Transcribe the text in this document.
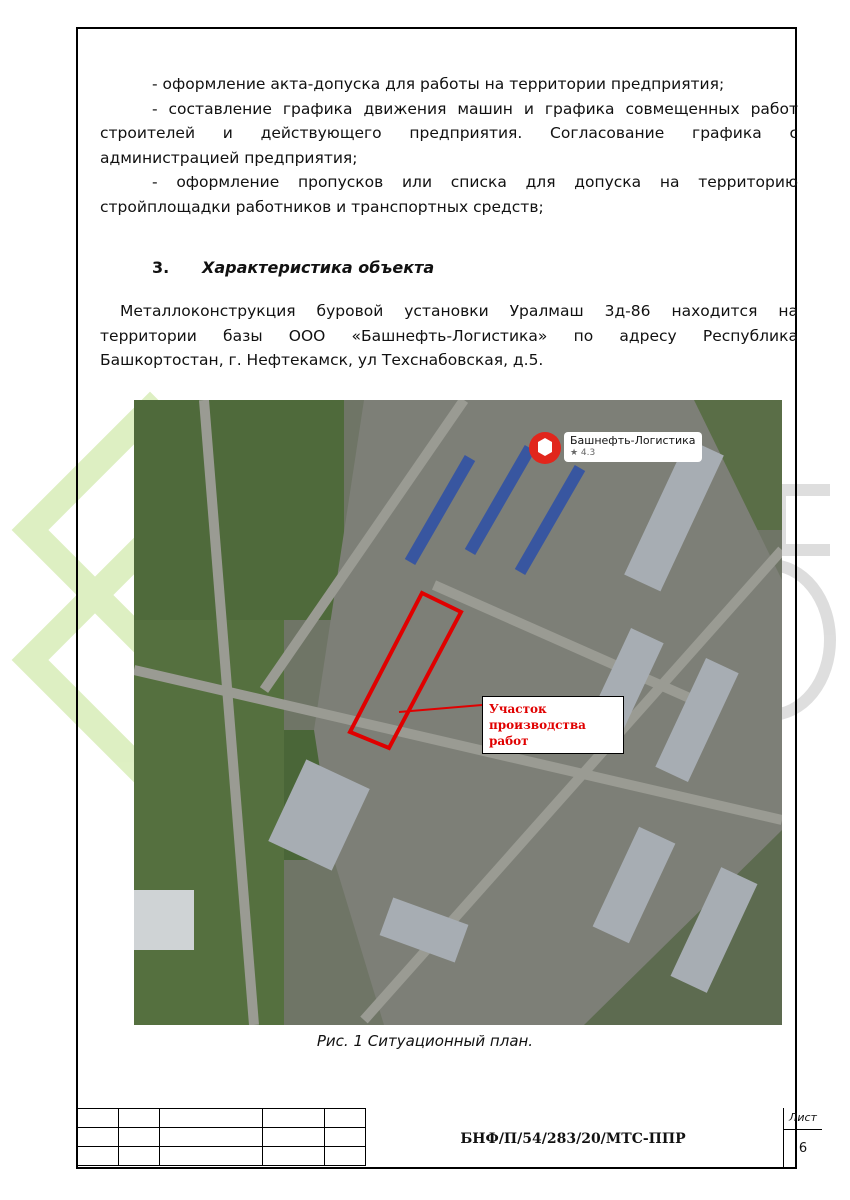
- оформление акта-допуска для работы на территории предприятия;

- составление графика движения машин и графика совмещенных работ строителей и действующего предприятия. Согласование графика с администрацией предприятия;

- оформление пропусков или списка для допуска на территорию стройплощадки работников и транспортных средств;

3. Характеристика объекта

Металлоконструкция буровой установки Уралмаш 3д-86 находится на территории базы ООО «Башнефть-Логистика» по адресу Республика Башкортостан, г. Нефтекамск, ул Техснабовская, д.5.

Башнефть-Логистика
★ 4.3
Участок
производства работ
Рис. 1 Ситуационный план.

БНФ/П/54/283/20/МТС-ППР
Лист
6
